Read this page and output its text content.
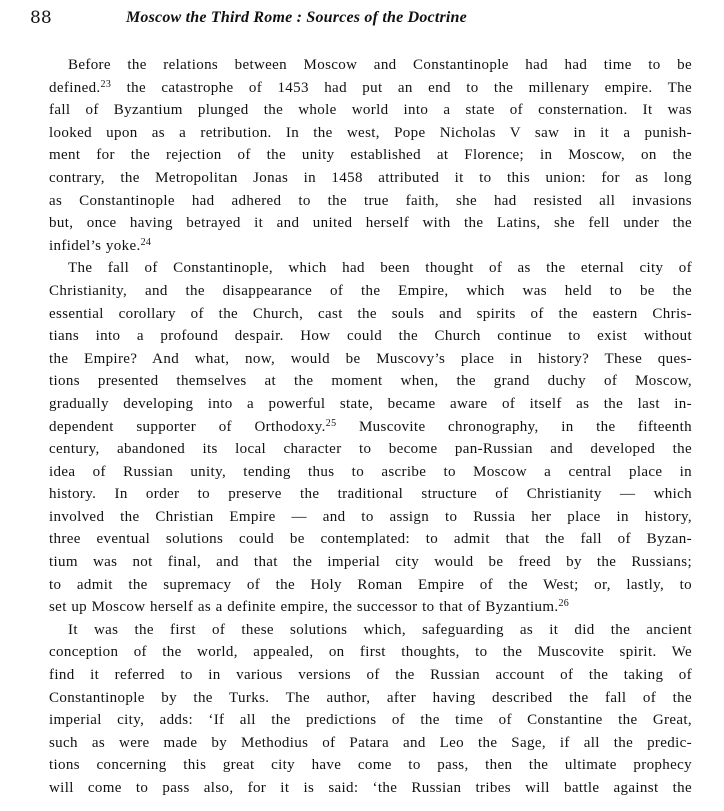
88	Moscow the Third Rome : Sources of the Doctrine
Before the relations between Moscow and Constantinople had had time to be
defined.$^{23}$ the catastrophe of 1453 had put an end to the millenary empire. The
fall of Byzantium plunged the whole world into a state of consternation. It was
looked upon as a retribution. In the west, Pope Nicholas V saw in it a punish-
ment for the rejection of the unity established at Florence; in Moscow, on the
contrary, the Metropolitan Jonas in 1458 attributed it to this union: for as long
as Constantinople had adhered to the true faith, she had resisted all invasions
but, once having betrayed it and united herself with the Latins, she fell under the
infidel’s yoke.$^{24}$
The fall of Constantinople, which had been thought of as the eternal city of
Christianity, and the disappearance of the Empire, which was held to be the
essential corollary of the Church, cast the souls and spirits of the eastern Chris-
tians into a profound despair. How could the Church continue to exist without
the Empire? And what, now, would be Muscovy’s place in history? These ques-
tions presented themselves at the moment when, the grand duchy of Moscow,
gradually developing into a powerful state, became aware of itself as the last in-
dependent supporter of Orthodoxy.$^{25}$ Muscovite chronography, in the fifteenth
century, abandoned its local character to become pan-Russian and developed the
idea of Russian unity, tending thus to ascribe to Moscow a central place in
history. In order to preserve the traditional structure of Christianity — which
involved the Christian Empire — and to assign to Russia her place in history,
three eventual solutions could be contemplated: to admit that the fall of Byzan-
tium was not final, and that the imperial city would be freed by the Russians;
to admit the supremacy of the Holy Roman Empire of the West; or, lastly, to
set up Moscow herself as a definite empire, the successor to that of Byzantium.$^{26}$
It was the first of these solutions which, safeguarding as it did the ancient
conception of the world, appealed, on first thoughts, to the Muscovite spirit. We
find it referred to in various versions of the Russian account of the taking of
Constantinople by the Turks. The author, after having described the fall of the
imperial city, adds: ‘If all the predictions of the time of Constantine the Great,
such as were made by Methodius of Patara and Leo the Sage, if all the predic-
tions concerning this great city have come to pass, then the ultimate prophecy
will come to pass also, for it is said: ‘the Russian tribes will battle against the
